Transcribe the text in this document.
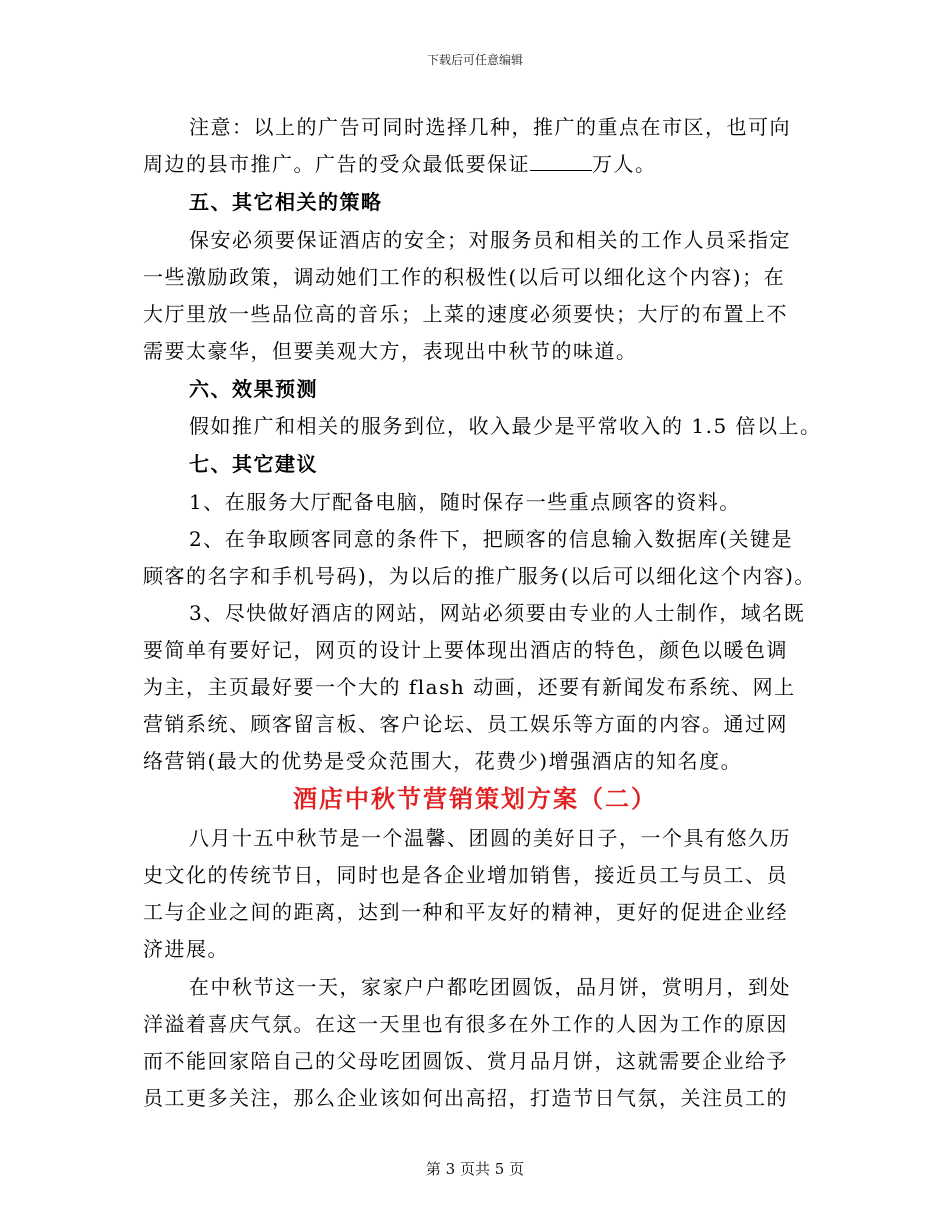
下载后可任意编辑
注意：以上的广告可同时选择几种，推广的重点在市区，也可向
周边的县市推广。广告的受众最低要保证	万人。
五、其它相关的策略
保安必须要保证酒店的安全；对服务员和相关的工作人员采指定
一些激励政策，调动她们工作的积极性(以后可以细化这个内容)；在
大厅里放一些品位高的音乐；上菜的速度必须要快；大厅的布置上不
需要太豪华，但要美观大方，表现出中秋节的味道。
六、效果预测
假如推广和相关的服务到位，收入最少是平常收入的 1.5 倍以上。
七、其它建议
1、在服务大厅配备电脑，随时保存一些重点顾客的资料。
2、在争取顾客同意的条件下，把顾客的信息输入数据库(关键是
顾客的名字和手机号码)，为以后的推广服务(以后可以细化这个内容)。
3、尽快做好酒店的网站，网站必须要由专业的人士制作，域名既
要简单有要好记，网页的设计上要体现出酒店的特色，颜色以暖色调
为主，主页最好要一个大的 flash 动画，还要有新闻发布系统、网上
营销系统、顾客留言板、客户论坛、员工娱乐等方面的内容。通过网
络营销(最大的优势是受众范围大，花费少)增强酒店的知名度。
酒店中秋节营销策划方案（二）
八月十五中秋节是一个温馨、团圆的美好日子，一个具有悠久历
史文化的传统节日，同时也是各企业增加销售，接近员工与员工、员
工与企业之间的距离，达到一种和平友好的精神，更好的促进企业经
济进展。
在中秋节这一天，家家户户都吃团圆饭，品月饼，赏明月，到处
洋溢着喜庆气氛。在这一天里也有很多在外工作的人因为工作的原因
而不能回家陪自己的父母吃团圆饭、赏月品月饼，这就需要企业给予
员工更多关注，那么企业该如何出高招，打造节日气氛，关注员工的
第 3 页共 5 页
